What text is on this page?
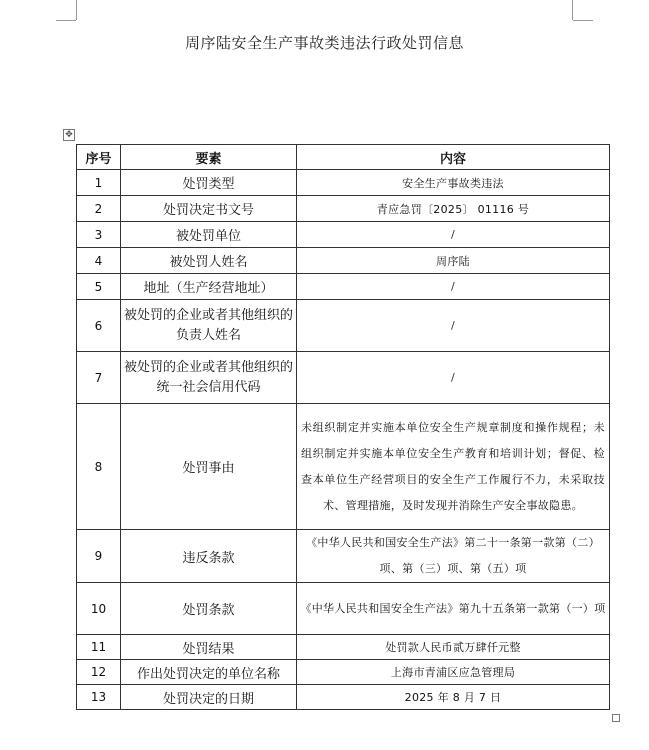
周序陆安全生产事故类违法行政处罚信息
✥
序号	要素	内容
1	处罚类型	安全生产事故类违法
2	处罚决定书文号	青应急罚〔2025〕 01116 号
3	被处罚单位	/
4	被处罚人姓名	周序陆
5	地址（生产经营地址）	/
6	被处罚的企业或者其他组织的负责人姓名	/
7	被处罚的企业或者其他组织的统一社会信用代码	/
8	处罚事由	未组织制定并实施本单位安全生产规章制度和操作规程；未组织制定并实施本单位安全生产教育和培训计划；督促、检查本单位生产经营项目的安全生产工作履行不力，未采取技术、管理措施，及时发现并消除生产安全事故隐患。
9	违反条款	《中华人民共和国安全生产法》第二十一条第一款第（二）项、第（三）项、第（五）项
10	处罚条款	《中华人民共和国安全生产法》第九十五条第一款第（一）项
11	处罚结果	处罚款人民币贰万肆仟元整
12	作出处罚决定的单位名称	上海市青浦区应急管理局
13	处罚决定的日期	2025 年 8 月 7 日
